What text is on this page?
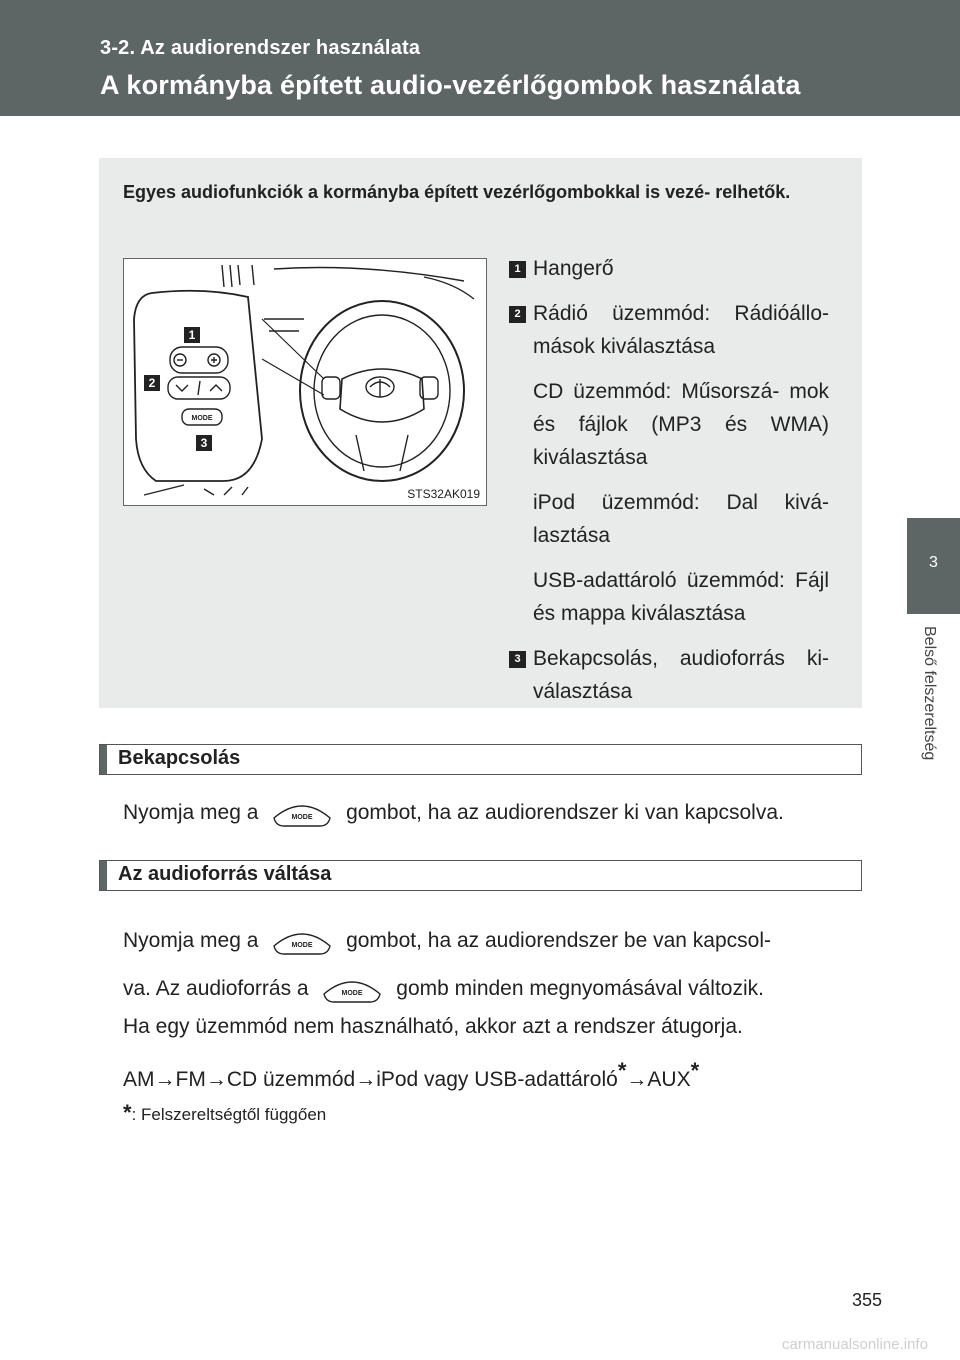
3-2. Az audiorendszer használata
A kormányba épített audio-vezérlőgombok használata
3
Belső felszereltség
Egyes audiofunkciók a kormányba épített vezérlőgombokkal is vezé- relhetők.
MODE
1
2
3
STS32AK019
1 Hangerő
2 Rádió üzemmód: Rádióállo- mások kiválasztása
CD üzemmód: Műsorszá- mok és fájlok (MP3 és WMA) kiválasztása
iPod üzemmód: Dal kivá- lasztása
USB-adattároló üzemmód: Fájl és mappa kiválasztása
3 Bekapcsolás, audioforrás ki- választása
Bekapcsolás
Nyomja meg a	MODE gombot, ha az audiorendszer ki van kapcsolva.
Az audioforrás váltása
Nyomja meg a	MODE gombot, ha az audiorendszer be van kapcsol-
va. Az audioforrás a	MODE gomb minden megnyomásával változik.
Ha egy üzemmód nem használható, akkor azt a rendszer átugorja.
AM→FM→CD üzemmód→iPod vagy USB-adattároló*→AUX*
*: Felszereltségtől függően
355
carmanualsonline.info
